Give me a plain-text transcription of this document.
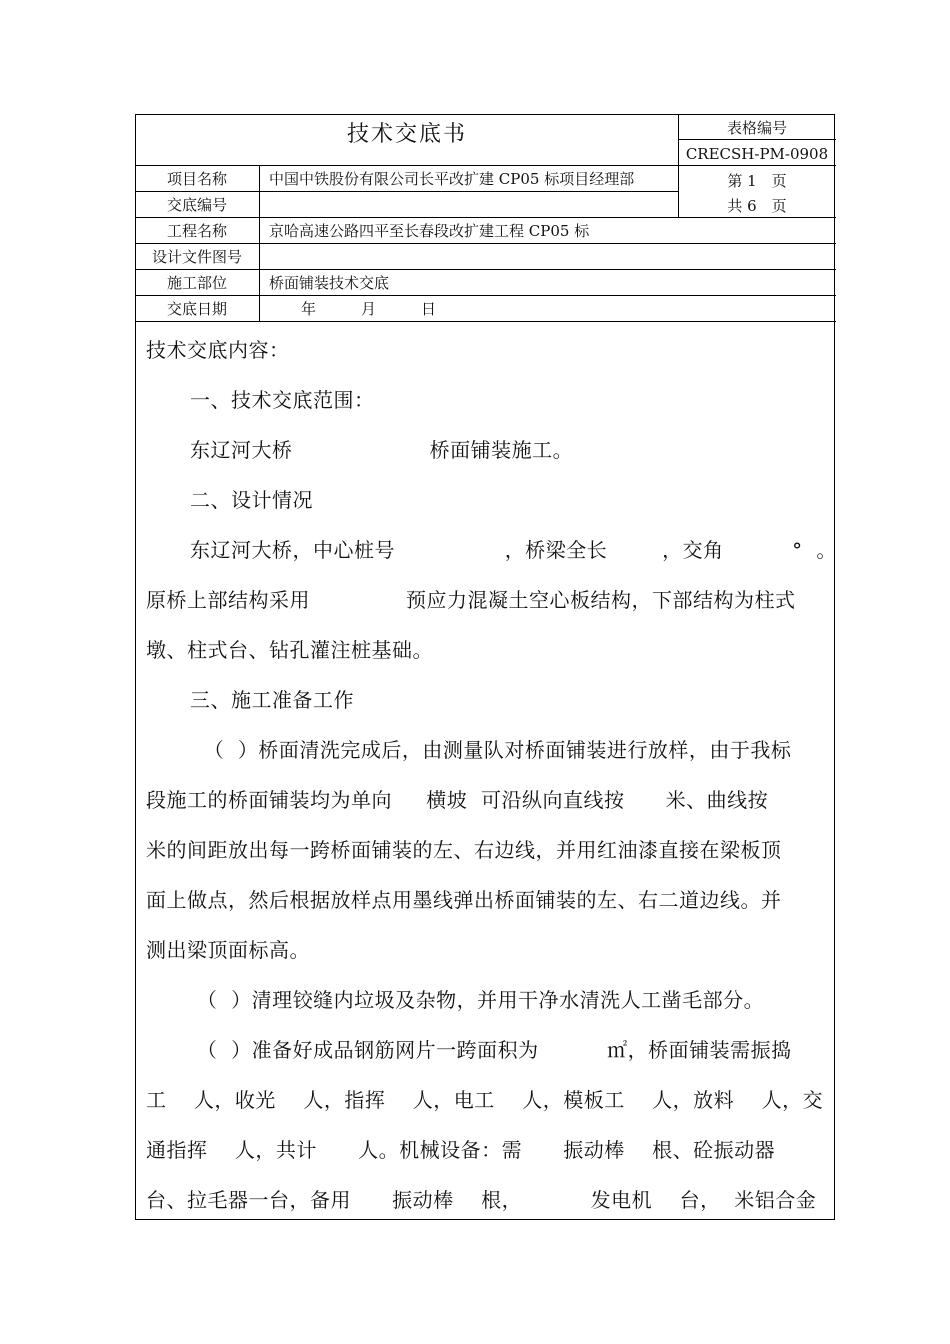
技术交底书	表格编号
CRECSH-PM-0908
第 1　页
共 6　页
项目名称	中国中铁股份有限公司长平改扩建 CP05 标项目经理部
交底编号
工程名称	京哈高速公路四平至长春段改扩建工程 CP05 标
设计文件图号
施工部位	桥面铺装技术交底
交底日期	年　　　月　　　日

技术交底内容：

一、技术交底范围：

东辽河大桥                    桥面铺装施工。

二、设计情况

东辽河大桥，中心桩号                ，桥梁全长        ，交角          °  。

原桥上部结构采用              预应力混凝土空心板结构，下部结构为柱式

墩、柱式台、钻孔灌注桩基础。

三、施工准备工作

（  ）桥面清洗完成后，由测量队对桥面铺装进行放样，由于我标

段施工的桥面铺装均为单向     横坡  可沿纵向直线按      米、曲线按

米的间距放出每一跨桥面铺装的左、右边线，并用红油漆直接在梁板顶

面上做点，然后根据放样点用墨线弹出桥面铺装的左、右二道边线。并

测出梁顶面标高。

（  ）清理铰缝内垃圾及杂物，并用干净水清洗人工凿毛部分。

（  ）准备好成品钢筋网片一跨面积为          ㎡，桥面铺装需振捣

工    人，收光    人，指挥    人，电工    人，模板工    人，放料    人，交

通指挥    人，共计      人。机械设备：需      振动棒    根、砼振动器

台、拉毛器一台，备用      振动棒    根，          发电机    台，  米铝合金
